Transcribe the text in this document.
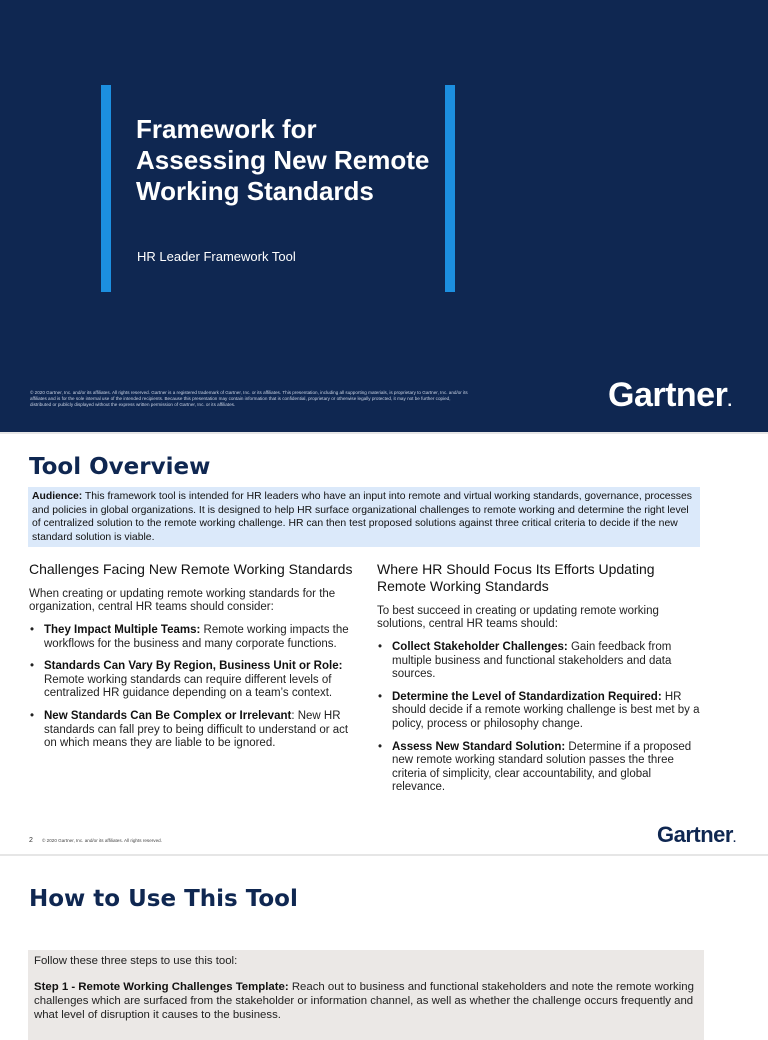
Framework for Assessing New Remote Working Standards
HR Leader Framework Tool
© 2020 Gartner, Inc. and/or its affiliates. All rights reserved. Gartner is a registered trademark of Gartner, Inc. or its affiliates. This presentation, including all supporting materials, is proprietary to Gartner, Inc. and/or its affiliates and is for the sole internal use of the intended recipients. Because this presentation may contain information that is confidential, proprietary or otherwise legally protected, it may not be further copied, distributed or publicly displayed without the express written permission of Gartner, Inc. or its affiliates.	Gartner.
Tool Overview
Audience: This framework tool is intended for HR leaders who have an input into remote and virtual working standards, governance, processes and policies in global organizations. It is designed to help HR surface organizational challenges to remote working and determine the right level of centralized solution to the remote working challenge. HR can then test proposed solutions against three critical criteria to decide if the new standard solution is viable.
Challenges Facing New Remote Working Standards

When creating or updating remote working standards for the organization, central HR teams should consider:

• They Impact Multiple Teams: Remote working impacts the workflows for the business and many corporate functions.
• Standards Can Vary By Region, Business Unit or Role: Remote working standards can require different levels of centralized HR guidance depending on a team’s context.
• New Standards Can Be Complex or Irrelevant: New HR standards can fall prey to being difficult to understand or act on which means they are liable to be ignored.
Where HR Should Focus Its Efforts Updating Remote Working Standards

To best succeed in creating or updating remote working solutions, central HR teams should:

• Collect Stakeholder Challenges: Gain feedback from multiple business and functional stakeholders and data sources.
• Determine the Level of Standardization Required: HR should decide if a remote working challenge is best met by a policy, process or philosophy change.
• Assess New Standard Solution: Determine if a proposed new remote working standard solution passes the three criteria of simplicity, clear accountability, and global relevance.
2 © 2020 Gartner, Inc. and/or its affiliates. All rights reserved.	Gartner.
How to Use This Tool

Follow these three steps to use this tool:

Step 1 - Remote Working Challenges Template: Reach out to business and functional stakeholders and note the remote working challenges which are surfaced from the stakeholder or information channel, as well as whether the challenge occurs frequently and what level of disruption it causes to the business.
